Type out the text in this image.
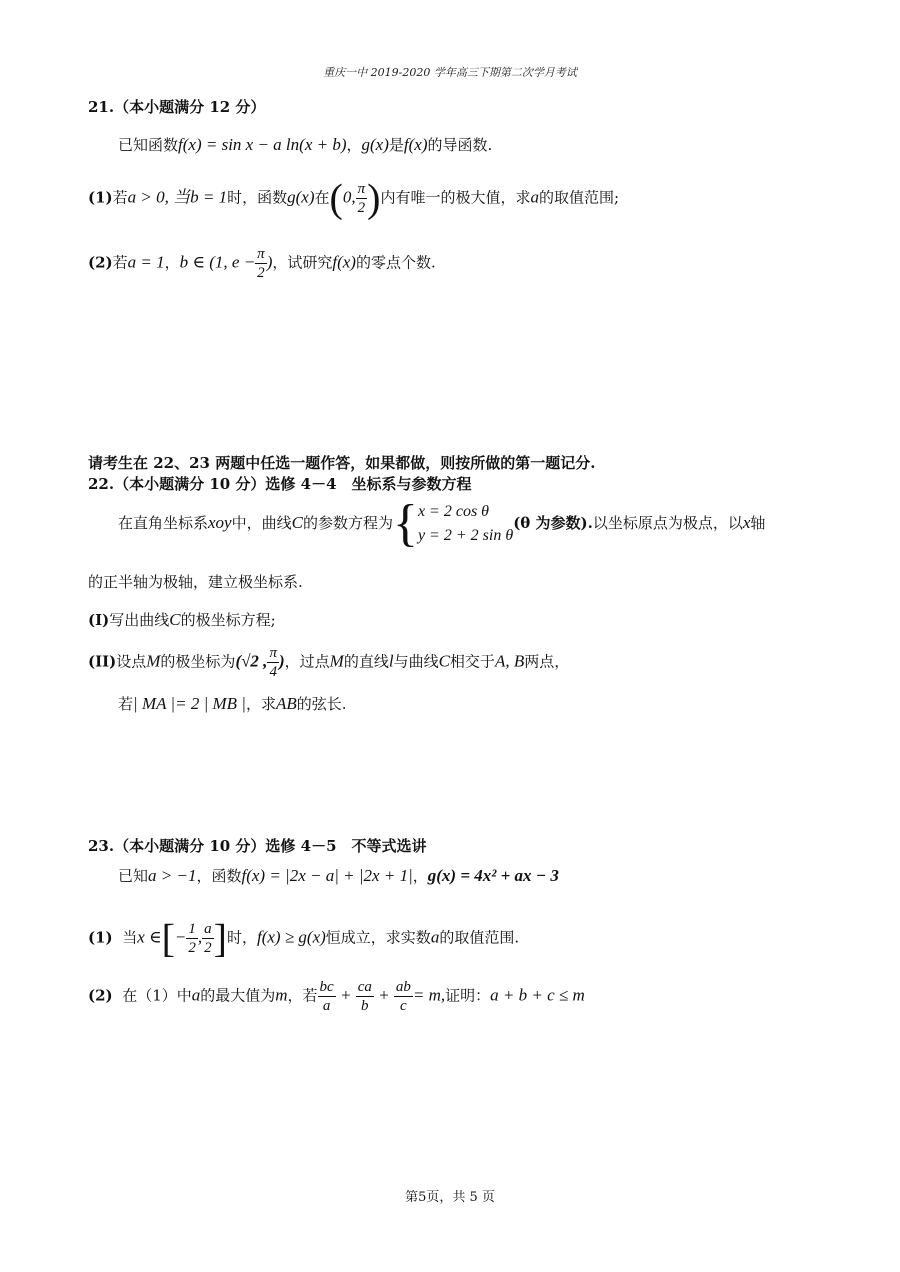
重庆一中 2019-2020 学年高三下期第二次学月考试
21.（本小题满分 12 分）
已知函数f(x) = sin x − a ln(x + b)，g(x)是f(x)的导函数.
(1)若a > 0, 当b = 1时，函数g(x)在(0, $\frac{\pi}{2}$ )内有唯一的极大值，求a的取值范围;
(2)若a = 1，b ∈ (1, $e - \frac{\pi}{2}$ )，试研究f(x)的零点个数.
请考生在 22、23 两题中任选一题作答，如果都做，则按所做的第一题记分.
22.（本小题满分 10 分）选修 4－4　坐标系与参数方程
在直角坐标系xoy中，曲线C的参数方程为{ x = 2 cos θ
y = 2 + 2 sin θ
(θ 为参数).以坐标原点为极点，以x轴
的正半轴为极轴，建立极坐标系.
(I)写出曲线C的极坐标方程;
(II)设点M的极坐标为(√2 , $\frac{\pi}{4}$ )，过点M的直线l与曲线C相交于A, B两点，
若| MA |= 2 | MB |，求AB的弦长.
23.（本小题满分 10 分）选修 4－5　不等式选讲
已知a > −1，函数f(x) = |2x − a| + |2x + 1|，g(x) = 4x² + ax − 3
(1) 当x ∈[− $\frac{1}{2}$ , $\frac{a}{2}$ ]时，f(x) ≥ g(x)恒成立，求实数a的取值范围.
(2) 在（1）中a的最大值为m，若 $\frac{bc}{a} + \frac{ca}{b} + \frac{ab}{c} = m$,证明：a + b + c ≤ m
第5页，共 5 页
